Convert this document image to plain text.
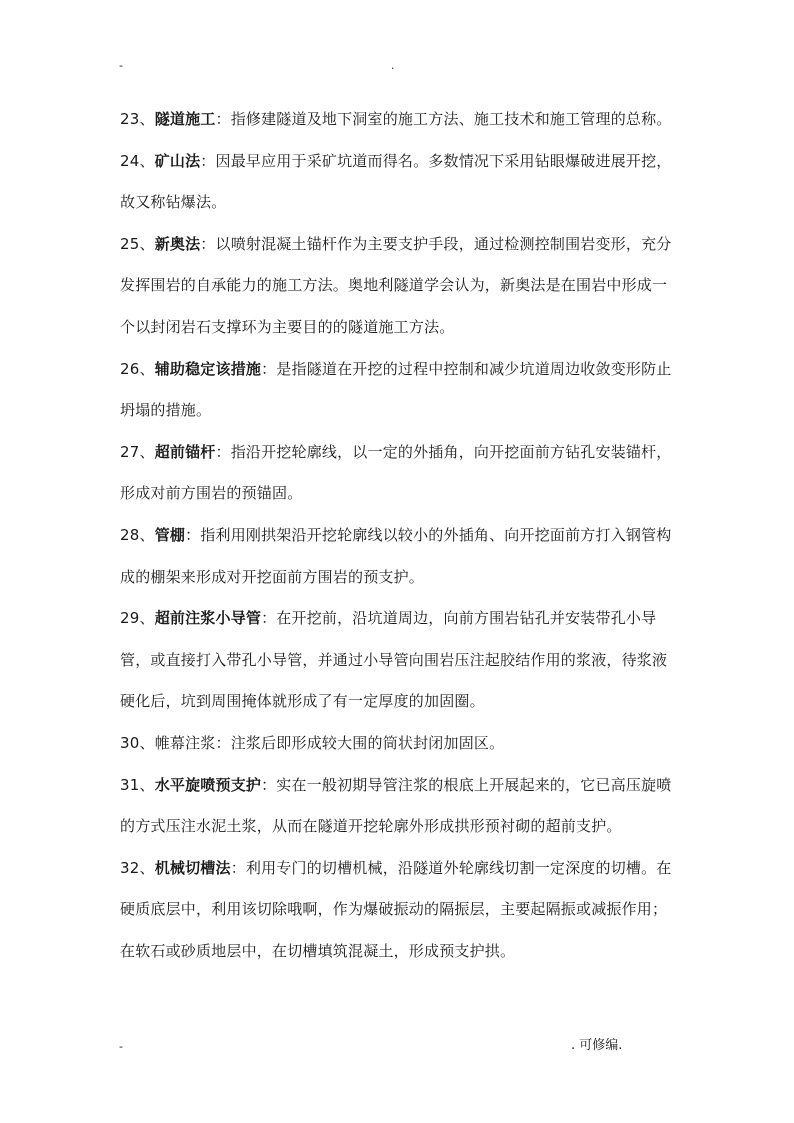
-	.

23、隧道施工：指修建隧道及地下洞室的施工方法、施工技术和施工管理的总称。

24、矿山法：因最早应用于采矿坑道而得名。多数情况下采用钻眼爆破进展开挖，故又称钻爆法。

25、新奥法：以喷射混凝土锚杆作为主要支护手段，通过检测控制围岩变形，充分发挥围岩的自承能力的施工方法。奥地利隧道学会认为，新奥法是在围岩中形成一个以封闭岩石支撑环为主要目的的隧道施工方法。

26、辅助稳定该措施：是指隧道在开挖的过程中控制和减少坑道周边收敛变形防止坍塌的措施。

27、超前锚杆：指沿开挖轮廓线，以一定的外插角，向开挖面前方钻孔安装锚杆，形成对前方围岩的预锚固。

28、管棚：指利用刚拱架沿开挖轮廓线以较小的外插角、向开挖面前方打入钢管构成的棚架来形成对开挖面前方围岩的预支护。

29、超前注浆小导管：在开挖前，沿坑道周边，向前方围岩钻孔并安装带孔小导管，或直接打入带孔小导管，并通过小导管向围岩压注起胶结作用的浆液，待浆液硬化后，坑到周围掩体就形成了有一定厚度的加固圈。

30、帷幕注浆：注浆后即形成较大围的筒状封闭加固区。

31、水平旋喷预支护：实在一般初期导管注浆的根底上开展起来的，它已高压旋喷的方式压注水泥土浆，从而在隧道开挖轮廓外形成拱形预衬砌的超前支护。

32、机械切槽法：利用专门的切槽机械，沿隧道外轮廓线切割一定深度的切槽。在硬质底层中，利用该切除哦啊，作为爆破振动的隔振层，主要起隔振或减振作用；在软石或砂质地层中，在切槽填筑混凝土，形成预支护拱。

-	. 可修编.
